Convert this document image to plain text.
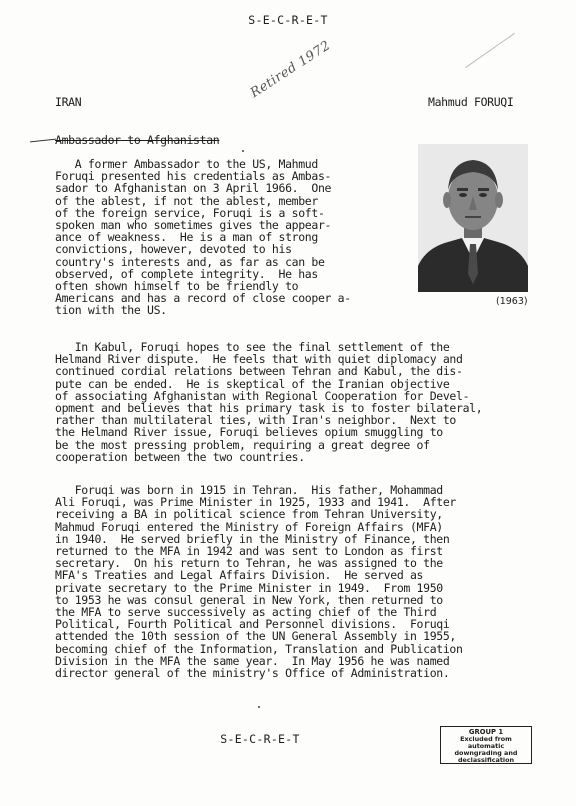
S-E-C-R-E-T
IRAN	Mahmud FORUQI
Retired 1972
Ambassador to Afghanistan
A former Ambassador to the US, Mahmud
Foruqi presented his credentials as Ambas-
sador to Afghanistan on 3 April 1966.  One
of the ablest, if not the ablest, member
of the foreign service, Foruqi is a soft-
spoken man who sometimes gives the appear-
ance of weakness.  He is a man of strong
convictions, however, devoted to his
country's interests and, as far as can be
observed, of complete integrity.  He has
often shown himself to be friendly to
Americans and has a record of close cooper a-
tion with the US.
(1963)
In Kabul, Foruqi hopes to see the final settlement of the
Helmand River dispute.  He feels that with quiet diplomacy and
continued cordial relations between Tehran and Kabul, the dis-
pute can be ended.  He is skeptical of the Iranian objective
of associating Afghanistan with Regional Cooperation for Devel-
opment and believes that his primary task is to foster bilateral,
rather than multilateral ties, with Iran's neighbor.  Next to
the Helmand River issue, Foruqi believes opium smuggling to
be the most pressing problem, requiring a great degree of
cooperation between the two countries.
Foruqi was born in 1915 in Tehran.  His father, Mohammad
Ali Foruqi, was Prime Minister in 1925, 1933 and 1941.  After
receiving a BA in political science from Tehran University,
Mahmud Foruqi entered the Ministry of Foreign Affairs (MFA)
in 1940.  He served briefly in the Ministry of Finance, then
returned to the MFA in 1942 and was sent to London as first
secretary.  On his return to Tehran, he was assigned to the
MFA's Treaties and Legal Affairs Division.  He served as
private secretary to the Prime Minister in 1949.  From 1950
to 1953 he was consul general in New York, then returned to
the MFA to serve successively as acting chief of the Third
Political, Fourth Political and Personnel divisions.  Foruqi
attended the 10th session of the UN General Assembly in 1955,
becoming chief of the Information, Translation and Publication
Division in the MFA the same year.  In May 1956 he was named
director general of the ministry's Office of Administration.
S-E-C-R-E-T	GROUP 1
Excluded from automatic
downgrading and
declassification
